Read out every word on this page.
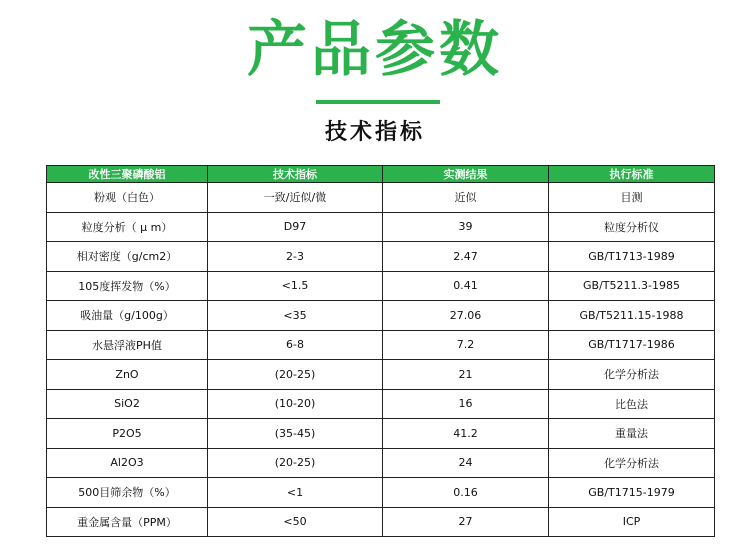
产品参数
技术指标
改性三聚磷酸铝	技术指标	实测结果	执行标准
粉观（白色）	一致/近似/微	近似	目测
粒度分析（ μ m）	D97	39	粒度分析仪
相对密度（g/cm2）	2-3	2.47	GB/T1713-1989
105度挥发物（%）	<1.5	0.41	GB/T5211.3-1985
吸油量（g/100g）	<35	27.06	GB/T5211.15-1988
水悬浮液PH值	6-8	7.2	GB/T1717-1986
ZnO	(20-25)	21	化学分析法
SiO2	(10-20)	16	比色法
P2O5	(35-45)	41.2	重量法
Al2O3	(20-25)	24	化学分析法
500目筛余物（%）	<1	0.16	GB/T1715-1979
重金属含量（PPM）	<50	27	ICP
